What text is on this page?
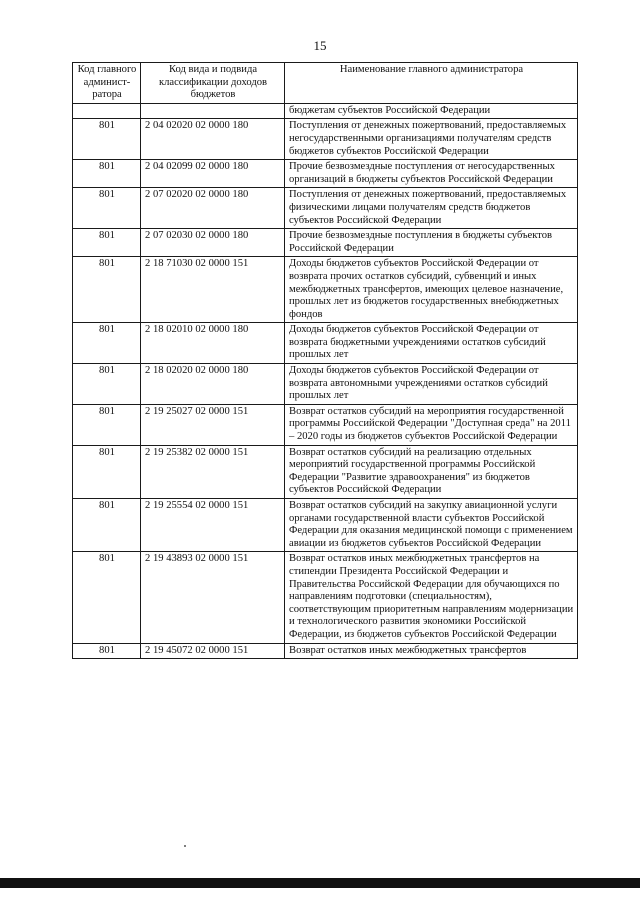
15
Код главного админист-ратора	Код вида и подвида классификации доходов бюджетов	Наименование главного администратора
		бюджетам субъектов Российской Федерации
801	2 04 02020 02 0000 180	Поступления от денежных пожертвований, предоставляемых негосударственными организациями получателям средств бюджетов субъектов Российской Федерации
801	2 04 02099 02 0000 180	Прочие безвозмездные поступления от негосударственных организаций в бюджеты субъектов Российской Федерации
801	2 07 02020 02 0000 180	Поступления от денежных пожертвований, предоставляемых физическими лицами получателям средств бюджетов субъектов Российской Федерации
801	2 07 02030 02 0000 180	Прочие безвозмездные поступления в бюджеты субъектов Российской Федерации
801	2 18 71030 02 0000 151	Доходы бюджетов субъектов Российской Федерации от возврата прочих остатков субсидий, субвенций и иных межбюджетных трансфертов, имеющих целевое назначение, прошлых лет из бюджетов государственных внебюджетных фондов
801	2 18 02010 02 0000 180	Доходы бюджетов субъектов Российской Федерации от возврата бюджетными учреждениями остатков субсидий прошлых лет
801	2 18 02020 02 0000 180	Доходы бюджетов субъектов Российской Федерации от возврата автономными учреждениями остатков субсидий прошлых лет
801	2 19 25027 02 0000 151	Возврат остатков субсидий на мероприятия государственной программы Российской Федерации "Доступная среда" на 2011 – 2020 годы из бюджетов субъектов Российской Федерации
801	2 19 25382 02 0000 151	Возврат остатков субсидий на реализацию отдельных мероприятий государственной программы Российской Федерации "Развитие здравоохранения" из бюджетов субъектов Российской Федерации
801	2 19 25554 02 0000 151	Возврат остатков субсидий на закупку авиационной услуги органами государственной власти субъектов Российской Федерации для оказания медицинской помощи с применением авиации из бюджетов субъектов Российской Федерации
801	2 19 43893 02 0000 151	Возврат остатков иных межбюджетных трансфертов на стипендии Президента Российской Федерации и Правительства Российской Федерации для обучающихся по направлениям подготовки (специальностям), соответствующим приоритетным направлениям модернизации и технологического развития экономики Российской Федерации, из бюджетов субъектов Российской Федерации
801	2 19 45072 02 0000 151	Возврат остатков иных межбюджетных трансфертов
